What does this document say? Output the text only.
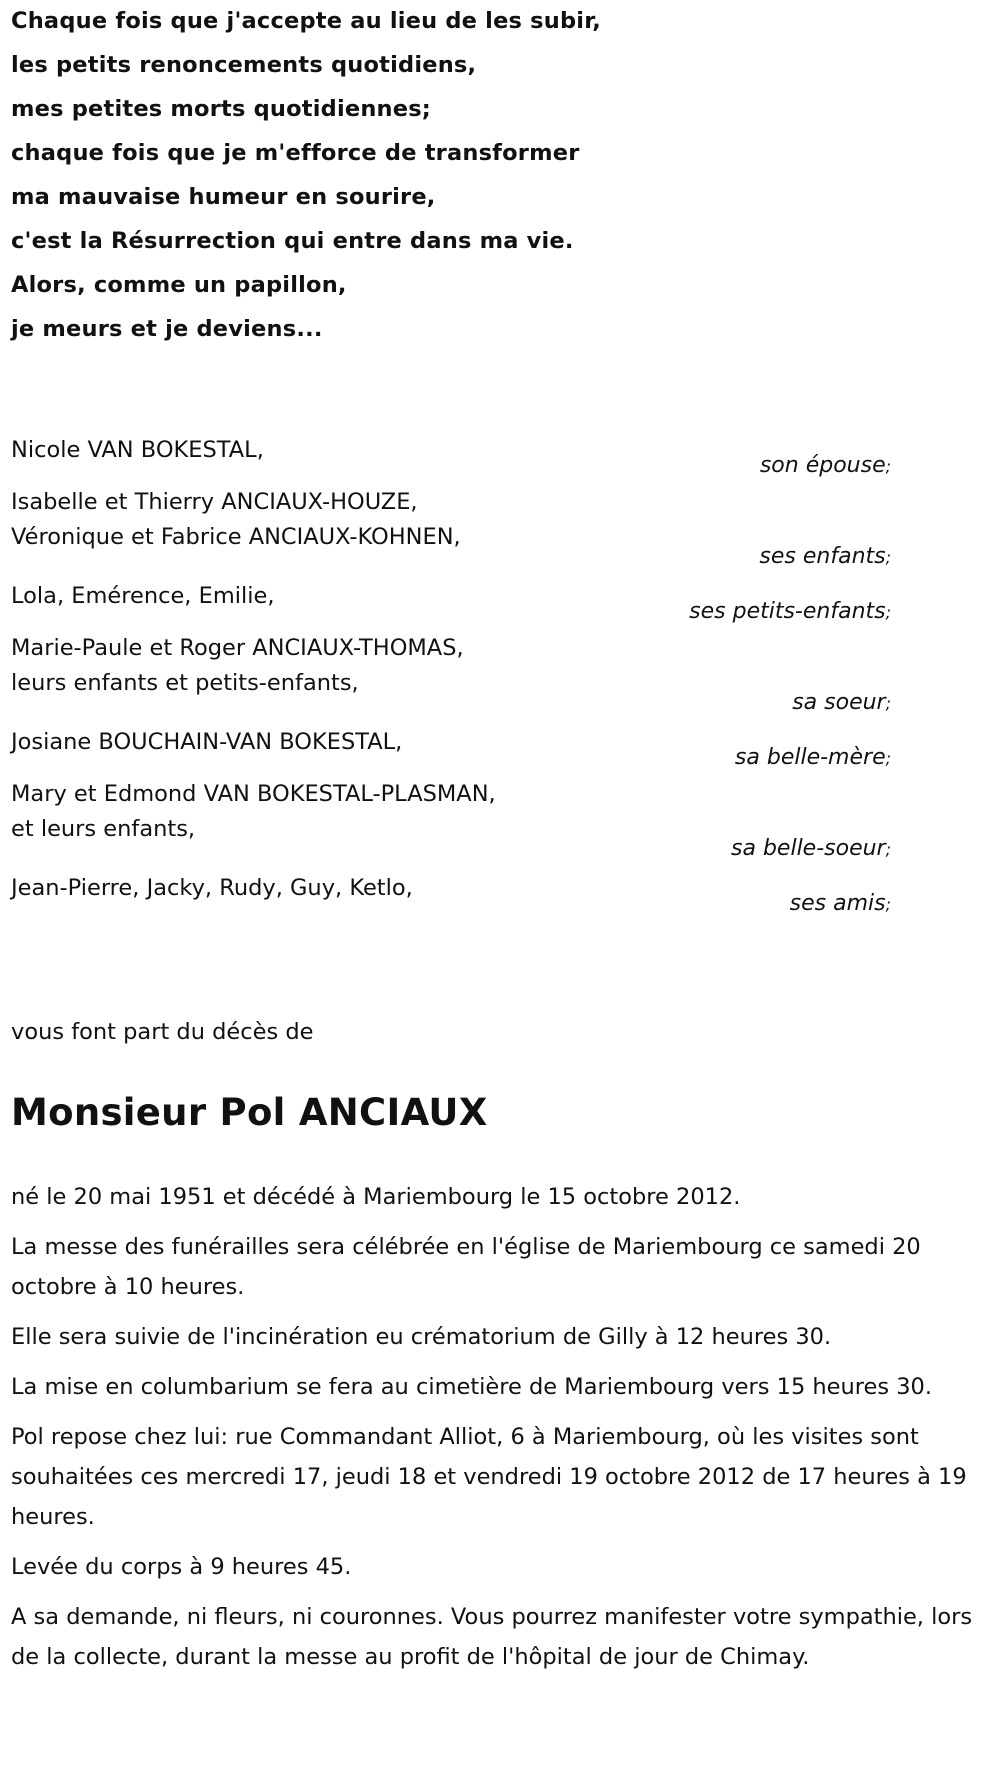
Chaque fois que j'accepte au lieu de les subir,
les petits renoncements quotidiens,
mes petites morts quotidiennes;
chaque fois que je m'efforce de transformer
ma mauvaise humeur en sourire,
c'est la Résurrection qui entre dans ma vie.
Alors, comme un papillon,
je meurs et je deviens...
Nicole VAN BOKESTAL,
son épouse;
Isabelle et Thierry ANCIAUX-HOUZE,
Véronique et Fabrice ANCIAUX-KOHNEN,
ses enfants;
Lola, Emérence, Emilie,
ses petits-enfants;
Marie-Paule et Roger ANCIAUX-THOMAS,
leurs enfants et petits-enfants,
sa soeur;
Josiane BOUCHAIN-VAN BOKESTAL,
sa belle-mère;
Mary et Edmond VAN BOKESTAL-PLASMAN,
et leurs enfants,
sa belle-soeur;
Jean-Pierre, Jacky, Rudy, Guy, Ketlo,
ses amis;
vous font part du décès de
Monsieur Pol ANCIAUX

né le 20 mai 1951 et décédé à Mariembourg le 15 octobre 2012.

La messe des funérailles sera célébrée en l'église de Mariembourg ce samedi 20 octobre à 10 heures.

Elle sera suivie de l'incinération eu crématorium de Gilly à 12 heures 30.

La mise en columbarium se fera au cimetière de Mariembourg vers 15 heures 30.

Pol repose chez lui: rue Commandant Alliot, 6 à Mariembourg, où les visites sont souhaitées ces mercredi 17, jeudi 18 et vendredi 19 octobre 2012 de 17 heures à 19 heures.

Levée du corps à 9 heures 45.

A sa demande, ni fleurs, ni couronnes. Vous pourrez manifester votre sympathie, lors de la collecte, durant la messe au profit de l'hôpital de jour de Chimay.
